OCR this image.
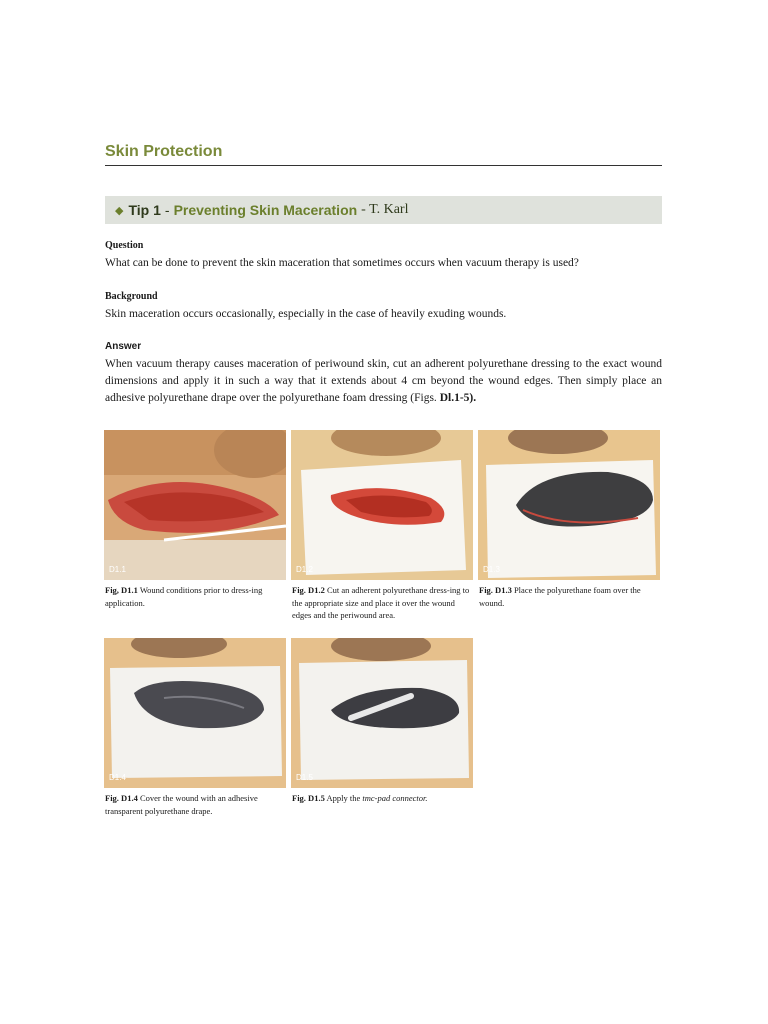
Skin Protection
◆ Tip 1 - Preventing Skin Maceration - T. Karl
Question

What can be done to prevent the skin maceration that sometimes occurs when vacuum therapy is used?

Background

Skin maceration occurs occasionally, especially in the case of heavily exuding wounds.

Answer

When vacuum therapy causes maceration of periwound skin, cut an adherent polyurethane dressing to the exact wound dimensions and apply it in such a way that it extends about 4 cm beyond the wound edges. Then simply place an adhesive polyurethane drape over the polyurethane foam dressing (Figs. Dl.1-5).

D1.1	D1.2	D1.3
D1.4	D1.5
Fig, D1.1 Wound conditions prior to dress-ing application.
Fig. D1.2 Cut an adherent polyurethane dress-ing to the appropriate size and place it over the wound edges and the periwound area.
Fig. D1.3 Place the polyurethane foam over the wound.
Fig. D1.4 Cover the wound with an adhesive transparent polyurethane drape.
Fig. D1.5 Apply the tmc-pad connector.
